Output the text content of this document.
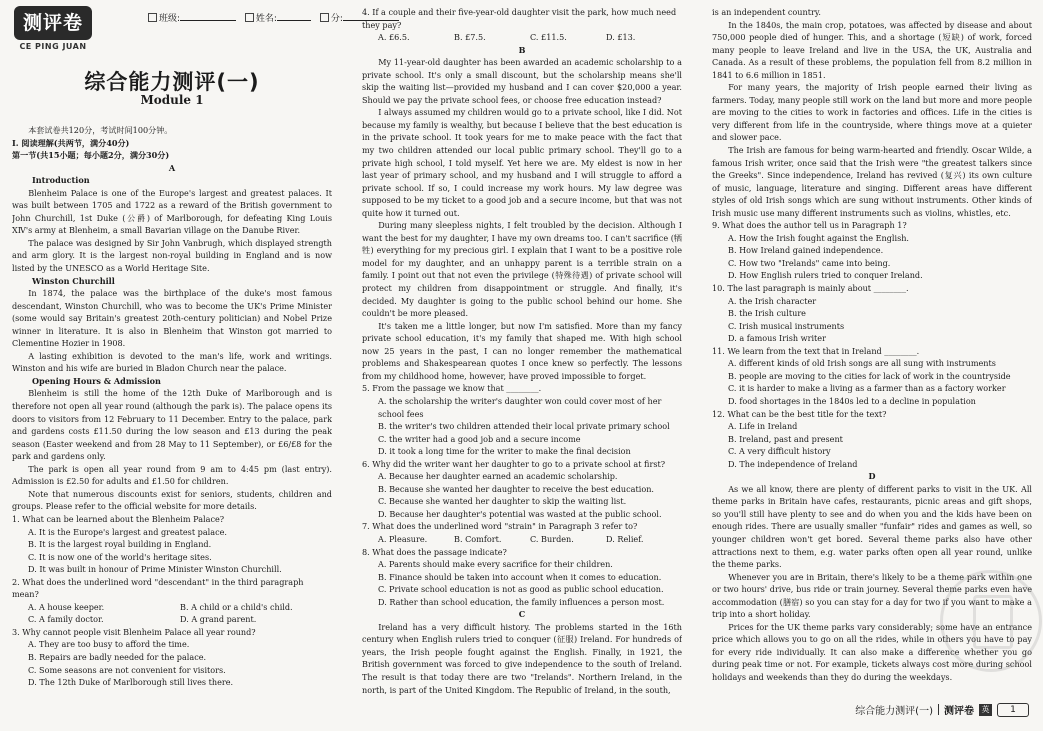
测评卷
CE PING JUAN
班级:	姓名:	分:
综合能力测评(一)
Module 1

本套试卷共120分，考试时间100分钟。

Ⅰ. 阅读理解(共两节，满分40分)

第一节(共15小题；每小题2分，满分30分)

A

Introduction

Blenheim Palace is one of the Europe's largest and greatest palaces. It was built between 1705 and 1722 as a reward of the British government to John Churchill, 1st Duke (公爵) of Marlborough, for defeating King Louis ⅩⅣ's army at Blenheim, a small Bavarian village on the Danube River.

The palace was designed by Sir John Vanbrugh, which displayed strength and arm glory. It is the largest non-royal building in England and is now listed by the UNESCO as a World Heritage Site.

Winston Churchill

In 1874, the palace was the birthplace of the duke's most famous descendant, Winston Churchill, who was to become the UK's Prime Minister (some would say Britain's greatest 20th-century politician) and Nobel Prize winner in literature. It is also in Blenheim that Winston got married to Clementine Hozier in 1908.

A lasting exhibition is devoted to the man's life, work and writings. Winston and his wife are buried in Bladon Church near the palace.

Opening Hours & Admission

Blenheim is still the home of the 12th Duke of Marlborough and is therefore not open all year round (although the park is). The palace opens its doors to visitors from 12 February to 11 December. Entry to the palace, park and gardens costs £11.50 during the low season and £13 during the peak season (Easter weekend and from 28 May to 11 September), or £6/£8 for the park and gardens only.

The park is open all year round from 9 am to 4:45 pm (last entry). Admission is £2.50 for adults and £1.50 for children.

Note that numerous discounts exist for seniors, students, children and groups. Please refer to the official website for more details.

1. What can be learned about the Blenheim Palace?

A. It is the Europe's largest and greatest palace.

B. It is the largest royal building in England.

C. It is now one of the world's heritage sites.

D. It was built in honour of Prime Minister Winston Churchill.

2. What does the underlined word "descendant" in the third paragraph mean?

A. A house keeper.	B. A child or a child's child.
C. A family doctor.	D. A grand parent.

3. Why cannot people visit Blenheim Palace all year round?

A. They are too busy to afford the time.

B. Repairs are badly needed for the palace.

C. Some seasons are not convenient for visitors.

D. The 12th Duke of Marlborough still lives there.

4. If a couple and their five-year-old daughter visit the park, how much need they pay?

A. £6.5.	B. £7.5.	C. £11.5.	D. £13.

B

My 11-year-old daughter has been awarded an academic scholarship to a private school. It's only a small discount, but the scholarship means she'll skip the waiting list—provided my husband and I can cover $20,000 a year. Should we pay the private school fees, or choose free education instead?

I always assumed my children would go to a private school, like I did. Not because my family is wealthy, but because I believe that the best education is in the private school. It took years for me to make peace with the fact that my two children attended our local public primary school. They'll go to a private high school, I told myself. Yet here we are. My eldest is now in her last year of primary school, and my husband and I will struggle to afford a private school. If so, I could increase my work hours. My law degree was supposed to be my ticket to a good job and a secure income, but that was not quite how it turned out.

During many sleepless nights, I felt troubled by the decision. Although I want the best for my daughter, I have my own dreams too. I can't sacrifice (牺牲) everything for my precious girl. I explain that I want to be a positive role model for my daughter, and an unhappy parent is a terrible strain on a family. I point out that not even the privilege (特殊待遇) of private school will protect my children from disappointment or struggle. And finally, it's decided. My daughter is going to the public school behind our home. She couldn't be more pleased.

It's taken me a little longer, but now I'm satisfied. More than my fancy private school education, it's my family that shaped me. With high school now 25 years in the past, I can no longer remember the mathematical problems and Shakespearean quotes I once knew so perfectly. The lessons from my childhood home, however, have proved impossible to forget.

5. From the passage we know that ________.

A. the scholarship the writer's daughter won could cover most of her school fees

B. the writer's two children attended their local private primary school

C. the writer had a good job and a secure income

D. it took a long time for the writer to make the final decision

6. Why did the writer want her daughter to go to a private school at first?

A. Because her daughter earned an academic scholarship.

B. Because she wanted her daughter to receive the best education.

C. Because she wanted her daughter to skip the waiting list.

D. Because her daughter's potential was wasted at the public school.

7. What does the underlined word "strain" in Paragraph 3 refer to?

A. Pleasure.	B. Comfort.	C. Burden.	D. Relief.

8. What does the passage indicate?

A. Parents should make every sacrifice for their children.

B. Finance should be taken into account when it comes to education.

C. Private school education is not as good as public school education.

D. Rather than school education, the family influences a person most.

C

Ireland has a very difficult history. The problems started in the 16th century when English rulers tried to conquer (征服) Ireland. For hundreds of years, the Irish people fought against the English. Finally, in 1921, the British government was forced to give independence to the south of Ireland. The result is that today there are two "Irelands". Northern Ireland, in the north, is part of the United Kingdom. The Republic of Ireland, in the south,

is an independent country.

In the 1840s, the main crop, potatoes, was affected by disease and about 750,000 people died of hunger. This, and a shortage (短缺) of work, forced many people to leave Ireland and live in the USA, the UK, Australia and Canada. As a result of these problems, the population fell from 8.2 million in 1841 to 6.6 million in 1851.

For many years, the majority of Irish people earned their living as farmers. Today, many people still work on the land but more and more people are moving to the cities to work in factories and offices. Life in the cities is very different from life in the countryside, where things move at a quieter and slower pace.

The Irish are famous for being warm-hearted and friendly. Oscar Wilde, a famous Irish writer, once said that the Irish were "the greatest talkers since the Greeks". Since independence, Ireland has revived (复兴) its own culture of music, language, literature and singing. Different areas have different styles of old Irish songs which are sung without instruments. Other kinds of Irish music use many different instruments such as violins, whistles, etc.

9. What does the author tell us in Paragraph 1?

A. How the Irish fought against the English.

B. How Ireland gained independence.

C. How two "Irelands" came into being.

D. How English rulers tried to conquer Ireland.

10. The last paragraph is mainly about ________.

A. the Irish character

B. the Irish culture

C. Irish musical instruments

D. a famous Irish writer

11. We learn from the text that in Ireland ________.

A. different kinds of old Irish songs are all sung with instruments

B. people are moving to the cities for lack of work in the countryside

C. it is harder to make a living as a farmer than as a factory worker

D. food shortages in the 1840s led to a decline in population

12. What can be the best title for the text?

A. Life in Ireland

B. Ireland, past and present

C. A very difficult history

D. The independence of Ireland

D

As we all know, there are plenty of different parks to visit in the UK. All theme parks in Britain have cafes, restaurants, picnic areas and gift shops, so you'll still have plenty to see and do when you and the kids have been on enough rides. There are usually smaller "funfair" rides and games as well, so younger children won't get bored. Several theme parks also have other attractions next to them, e.g. water parks often open all year round, unlike the theme parks.

Whenever you are in Britain, there's likely to be a theme park within one or two hours' drive, bus ride or train journey. Several theme parks even have accommodation (膳宿) so you can stay for a day for two if you want to make a trip into a short holiday.

Prices for the UK theme parks vary considerably; some have an entrance price which allows you to go on all the rides, while in others you have to pay for every ride individually. It can also make a difference whether you go during peak time or not. For example, tickets always cost more during school holidays and weekends than they do during the weekdays.

综合能力测评(一) 测评卷 英	1
